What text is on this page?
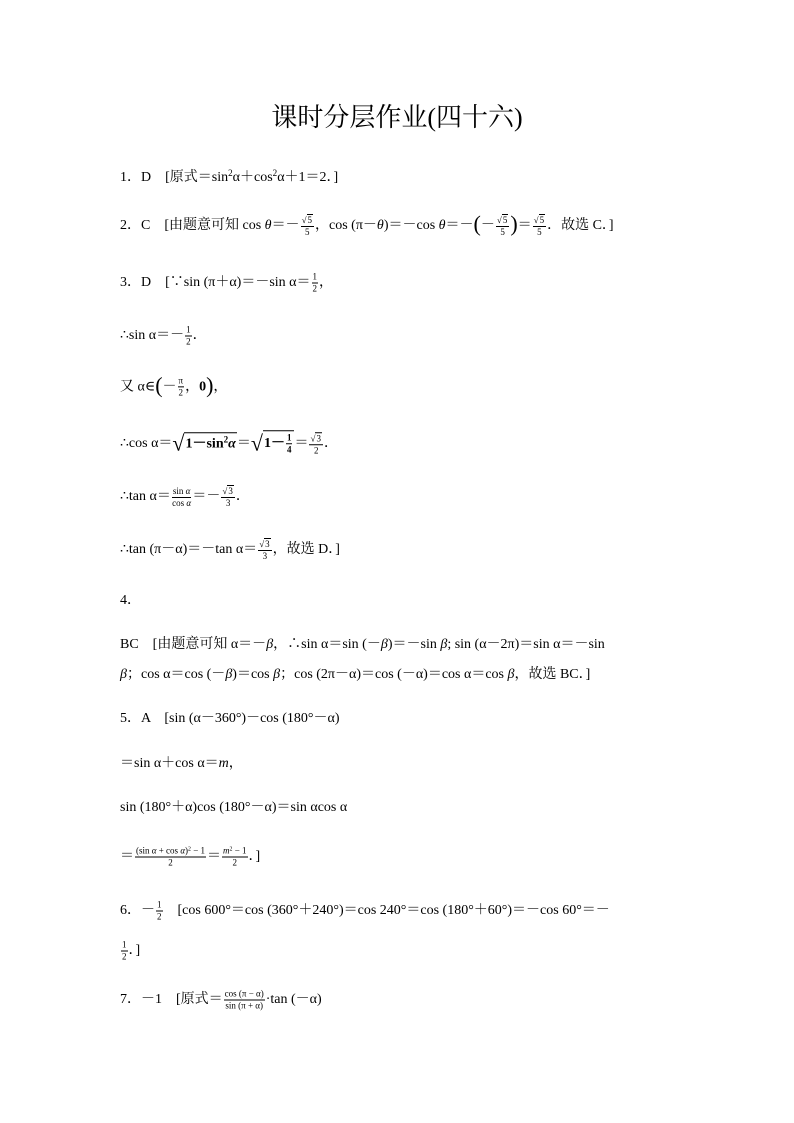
课时分层作业(四十六)
1．D　[原式$=\sin^2\alpha+\cos^2\alpha+1=2$．]
2．C　[由题意可知 $\cos \theta=- \frac{√5}{5}$ ，cos (π－θ)＝－cos $\theta=-(- \frac{√5}{5}$ )＝ $\frac{√5}{5}$ ．故选 C．]
3．D　[∵sin (π＋α)＝－sin $\alpha= \frac{1}{2}$ ，
∴sin $\alpha=- \frac{1}{2}$ ．
又 α∈(－ $\frac{\pi}{2}$ ，0)，
∴cos $\alpha=√1-\sin^2\alpha=√1- \frac{1}{4} = \frac{√3}{2}$ ．
∴tan $\alpha= \frac{\text{sin α}}{\text{cos α}} =- \frac{√3}{3}$ ．
∴tan (π－α)＝－tan $\alpha= \frac{√3}{3}$ ，故选 D．]
4．
BC　[由题意可知 α＝－β，∴sin α＝sin (－β)＝－sin β; sin (α－2π)＝sin α＝－sin
β；cos α＝cos (－β)＝cos β；cos (2π－α)＝cos (－α)＝cos α＝cos β，故选 BC．]
5．A　[sin (α－360°)－cos (180°－α)
＝sin α＋cos α＝m，
sin (180°＋α)cos (180°－α)＝sin αcos α
＝ $\frac{(\sin \alpha + \cos \alpha)^2 - 1}{2} = \frac{m^2 - 1}{2}$ ．]
6．－ $\frac{1}{2}$ 　[cos 600°＝cos (360°＋240°)＝cos 240°＝cos (180°＋60°)＝－cos 60°＝－
$\frac{1}{2}$ ．]
7．－1　[原式＝ $\frac{\cos (\pi - \alpha)}{\sin (\pi + \alpha)} \cdot\tan$ (－α)
